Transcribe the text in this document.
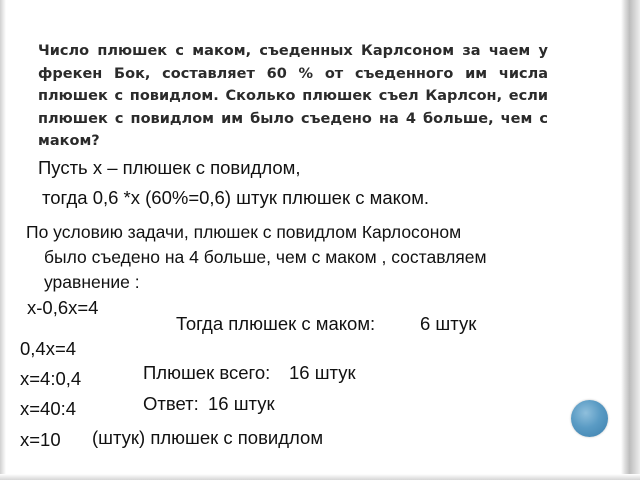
Число плюшек с маком, съеденных Карлсоном за чаем у фрекен Бок, составляет 60 % от съеденного им числа плюшек с повидлом. Сколько плюшек съел Карлсон, если плюшек с повидлом им было съедено на 4 больше, чем с маком?

Пусть х – плюшек с повидлом,

тогда 0,6 *х (60%=0,6) штук плюшек с маком.

По условию задачи, плюшек с повидлом Карлосоном
было съедено на 4 больше, чем с маком , составляем
уравнение :

х-0,6х=4

0,4х=4

х=4:0,4

х=40:4

х=10 (штук) плюшек с повидлом

Тогда плюшек с маком: 6 штук

Плюшек всего: 16 штук

Ответ: 16 штук
